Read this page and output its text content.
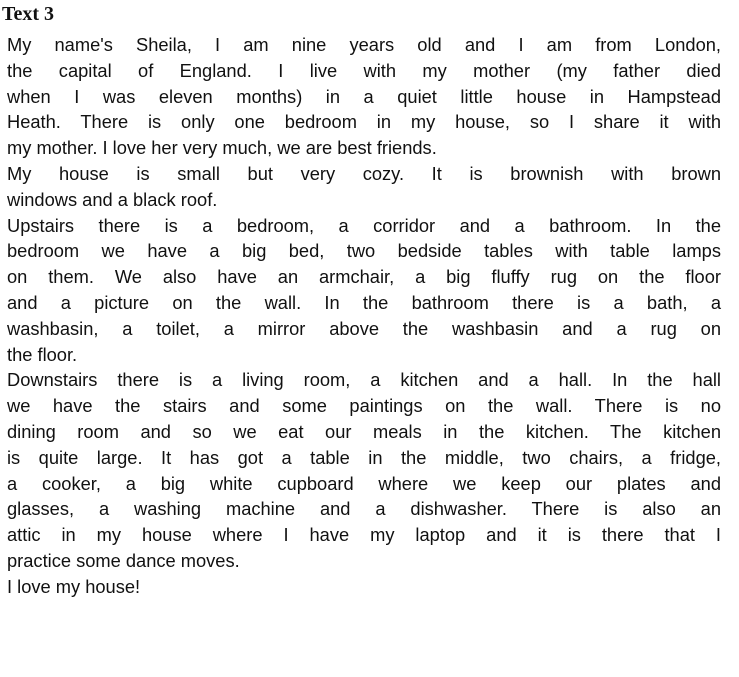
Text 3
My name's Sheila, I am nine years old and I am from London,
the capital of England. I live with my mother (my father died
when I was eleven months) in a quiet little house in Hampstead
Heath. There is only one bedroom in my house, so I share it with
my mother. I love her very much, we are best friends.
My house is small but very cozy. It is brownish with brown
windows and a black roof.
Upstairs there is a bedroom, a corridor and a bathroom. In the
bedroom we have a big bed, two bedside tables with table lamps
on them. We also have an armchair, a big fluffy rug on the floor
and a picture on the wall. In the bathroom there is a bath, a
washbasin, a toilet, a mirror above the washbasin and a rug on
the floor.
Downstairs there is a living room, a kitchen and a hall. In the hall
we have the stairs and some paintings on the wall. There is no
dining room and so we eat our meals in the kitchen. The kitchen
is quite large. It has got a table in the middle, two chairs, a fridge,
a cooker, a big white cupboard where we keep our plates and
glasses, a washing machine and a dishwasher. There is also an
attic in my house where I have my laptop and it is there that I
practice some dance moves.
I love my house!
